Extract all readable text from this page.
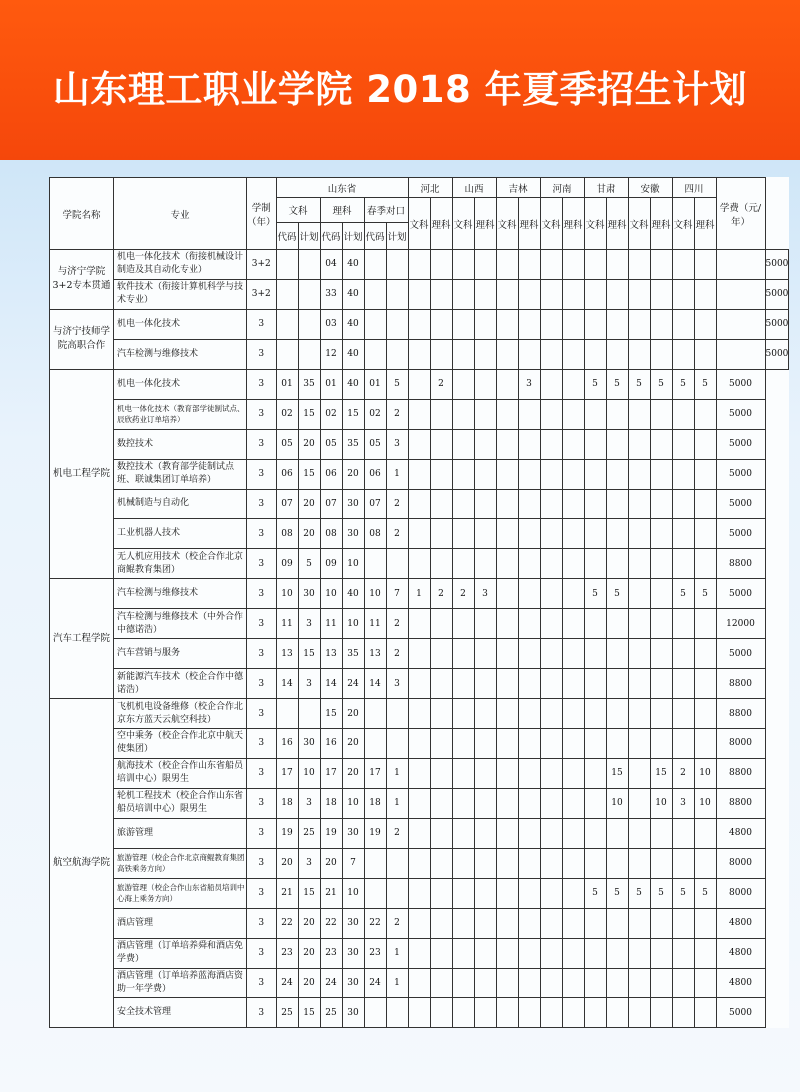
山东理工职业学院 2018 年夏季招生计划
学院名称	专业	学制（年）	山东省						河北		山西		吉林		河南		甘肃		安徽		四川		学费（元/年）	
			文科		理科		春季对口		文科	理科	文科	理科	文科	理科	文科	理科	文科	理科	文科	理科	文科	理科		
			代码	计划	代码	计划	代码	计划																
与济宁学院3+2专本贯通	机电一体化技术（衔接机械设计制造及其自动化专业）	3+2			04	40																		5000
	软件技术（衔接计算机科学与技术专业）	3+2			33	40																		5000
与济宁技师学院高职合作	机电一体化技术	3			03	40																		5000
	汽车检测与维修技术	3			12	40																		5000
机电工程学院	机电一体化技术	3	01	35	01	40	01	5		2				3			5	5	5	5	5	5	5000	
	机电一体化技术（教育部学徒制试点、辰欣药业订单培养）	3	02	15	02	15	02	2															5000	
	数控技术	3	05	20	05	35	05	3															5000	
	数控技术（教育部学徒制试点班、联诚集团订单培养）	3	06	15	06	20	06	1															5000	
	机械制造与自动化	3	07	20	07	30	07	2															5000	
	工业机器人技术	3	08	20	08	30	08	2															5000	
	无人机应用技术（校企合作北京商鲲教育集团）	3	09	5	09	10																	8800	
汽车工程学院	汽车检测与维修技术	3	10	30	10	40	10	7	1	2	2	3					5	5			5	5	5000	
	汽车检测与维修技术（中外合作中德诺浩）	3	11	3	11	10	11	2															12000	
	汽车营销与服务	3	13	15	13	35	13	2															5000	
	新能源汽车技术（校企合作中德诺浩）	3	14	3	14	24	14	3															8800	
航空航海学院	飞机机电设备维修（校企合作北京东方蓝天云航空科技）	3			15	20																	8800	
	空中乘务（校企合作北京中航天使集团）	3	16	30	16	20																	8000	
	航海技术（校企合作山东省船员培训中心）限男生	3	17	10	17	20	17	1										15		15	2	10	8800	
	轮机工程技术（校企合作山东省船员培训中心）限男生	3	18	3	18	10	18	1										10		10	3	10	8800	
	旅游管理	3	19	25	19	30	19	2															4800	
	旅游管理（校企合作北京商鲲教育集团高铁乘务方向）	3	20	3	20	7																	8000	
	旅游管理（校企合作山东省船员培训中心海上乘务方向）	3	21	15	21	10											5	5	5	5	5	5	8000	
	酒店管理	3	22	20	22	30	22	2															4800	
	酒店管理（订单培养舜和酒店免学费）	3	23	20	23	30	23	1															4800	
	酒店管理（订单培养蓝海酒店资助一年学费）	3	24	20	24	30	24	1															4800	
	安全技术管理	3	25	15	25	30																	5000	
